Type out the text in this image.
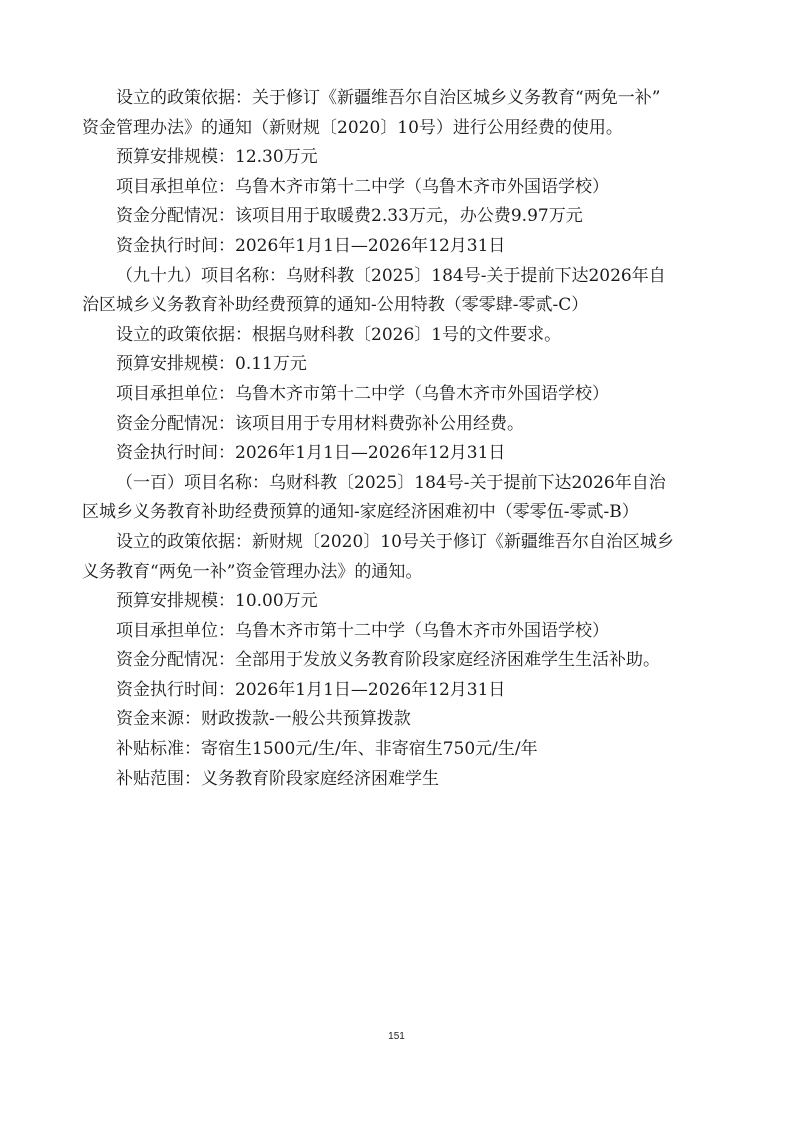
设立的政策依据：关于修订《新疆维吾尔自治区城乡义务教育“两免一补”

资金管理办法》的通知（新财规〔2020〕10号）进行公用经费的使用。

预算安排规模：12.30万元

项目承担单位：乌鲁木齐市第十二中学（乌鲁木齐市外国语学校）

资金分配情况：该项目用于取暖费2.33万元，办公费9.97万元

资金执行时间：2026年1月1日—2026年12月31日

（九十九）项目名称：乌财科教〔2025〕184号-关于提前下达2026年自

治区城乡义务教育补助经费预算的通知-公用特教（零零肆-零贰-C）

设立的政策依据：根据乌财科教〔2026〕1号的文件要求。

预算安排规模：0.11万元

项目承担单位：乌鲁木齐市第十二中学（乌鲁木齐市外国语学校）

资金分配情况：该项目用于专用材料费弥补公用经费。

资金执行时间：2026年1月1日—2026年12月31日

（一百）项目名称：乌财科教〔2025〕184号-关于提前下达2026年自治

区城乡义务教育补助经费预算的通知-家庭经济困难初中（零零伍-零贰-B）

设立的政策依据：新财规〔2020〕10号关于修订《新疆维吾尔自治区城乡

义务教育“两免一补”资金管理办法》的通知。

预算安排规模：10.00万元

项目承担单位：乌鲁木齐市第十二中学（乌鲁木齐市外国语学校）

资金分配情况：全部用于发放义务教育阶段家庭经济困难学生生活补助。

资金执行时间：2026年1月1日—2026年12月31日

资金来源：财政拨款-一般公共预算拨款

补贴标准：寄宿生1500元/生/年、非寄宿生750元/生/年

补贴范围：义务教育阶段家庭经济困难学生

151
